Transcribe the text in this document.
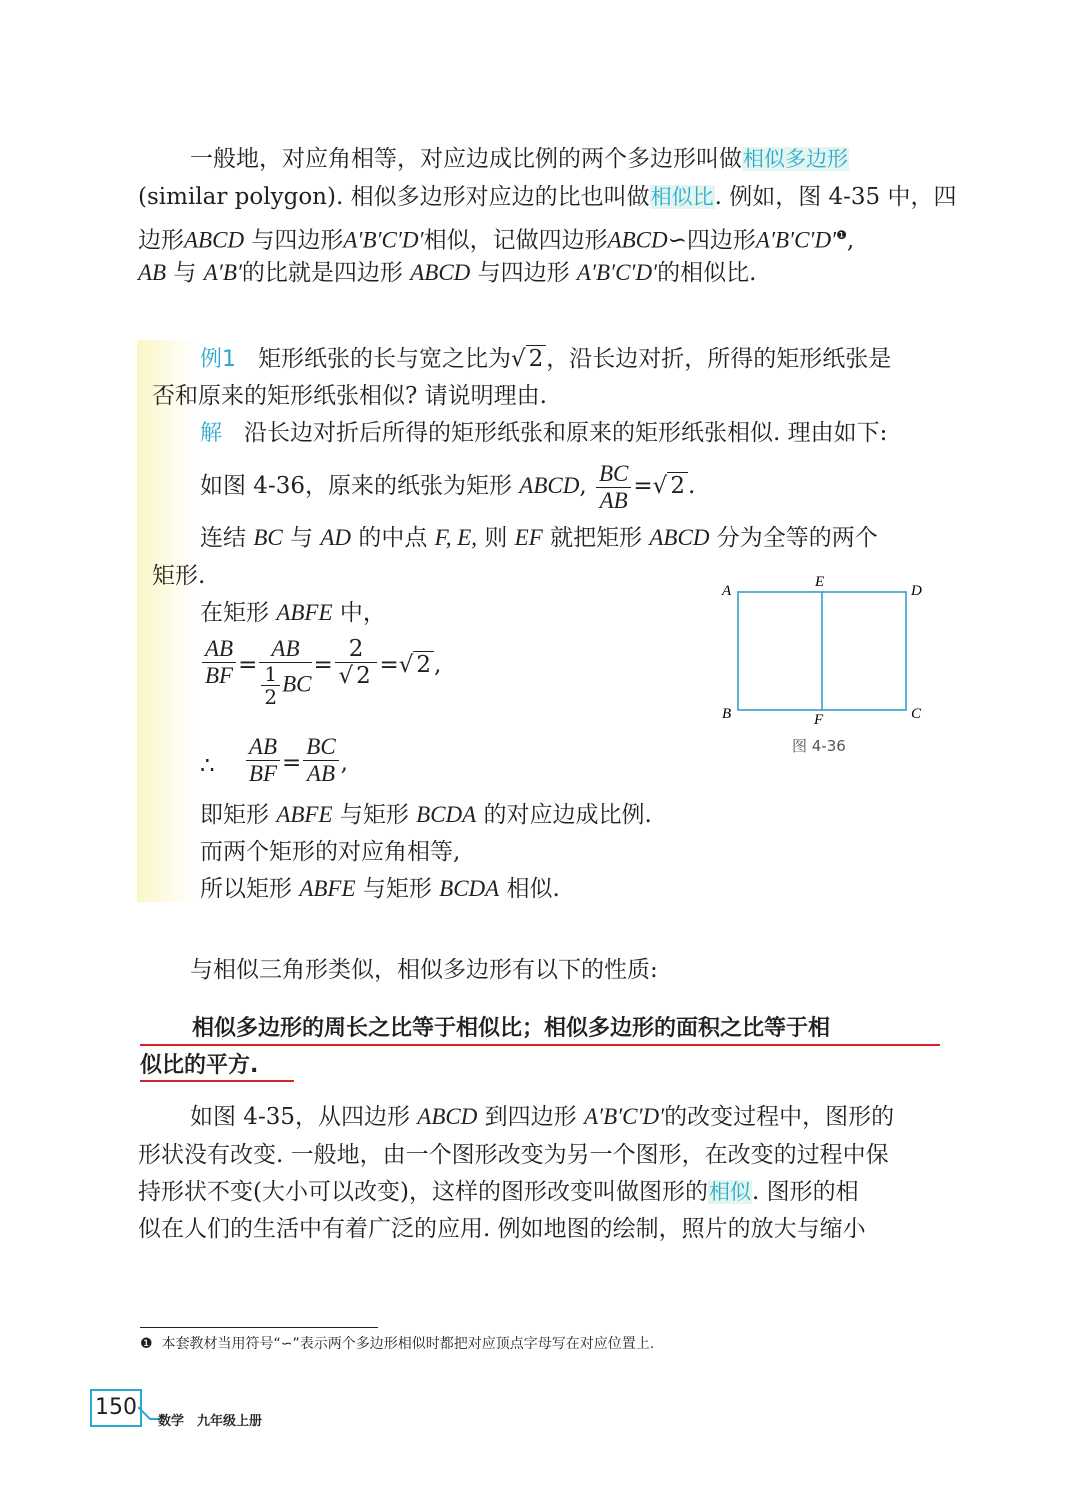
一般地，对应角相等，对应边成比例的两个多边形叫做相似多边形
(similar polygon). 相似多边形对应边的比也叫做相似比. 例如，图 4-35 中，四
边形ABCD 与四边形A′B′C′D′相似，记做四边形ABCD∽四边形$A'B'C'D'^❶$,
AB 与 A′B′的比就是四边形 ABCD 与四边形 A′B′C′D′的相似比.
例1 矩形纸张的长与宽之比为√ 2 ，沿长边对折，所得的矩形纸张是
否和原来的矩形纸张相似? 请说明理由.
解 沿长边对折后所得的矩形纸张和原来的矩形纸张相似. 理由如下:
如图 4-36，原来的纸张为矩形 ABCD, $\frac{BC}{AB}$ =√ 2 .
连结 BC 与 AD 的中点 F, E, 则 EF 就把矩形 ABCD 分为全等的两个
矩形.
在矩形 ABFE 中，
$\frac{AB}{BF} = \frac{AB}{\frac{1}{2} BC} = \frac{2}{√ 2}$ =√ 2 ,
∴ $\frac{AB}{BF} = \frac{BC}{AB}$ ,
即矩形 ABFE 与矩形 BCDA 的对应边成比例.
而两个矩形的对应角相等,
所以矩形 ABFE 与矩形 BCDA 相似.
A
E
D
B	F	C
图 4-36
与相似三角形类似，相似多边形有以下的性质:
相似多边形的周长之比等于相似比；相似多边形的面积之比等于相
似比的平方.
如图 4-35，从四边形 ABCD 到四边形 A′B′C′D′的改变过程中，图形的
形状没有改变. 一般地，由一个图形改变为另一个图形，在改变的过程中保
持形状不变(大小可以改变)，这样的图形改变叫做图形的相似. 图形的相
似在人们的生活中有着广泛的应用. 例如地图的绘制，照片的放大与缩小
❶ 本套教材当用符号“∽”表示两个多边形相似时都把对应顶点字母写在对应位置上.
150
数学　九年级上册
